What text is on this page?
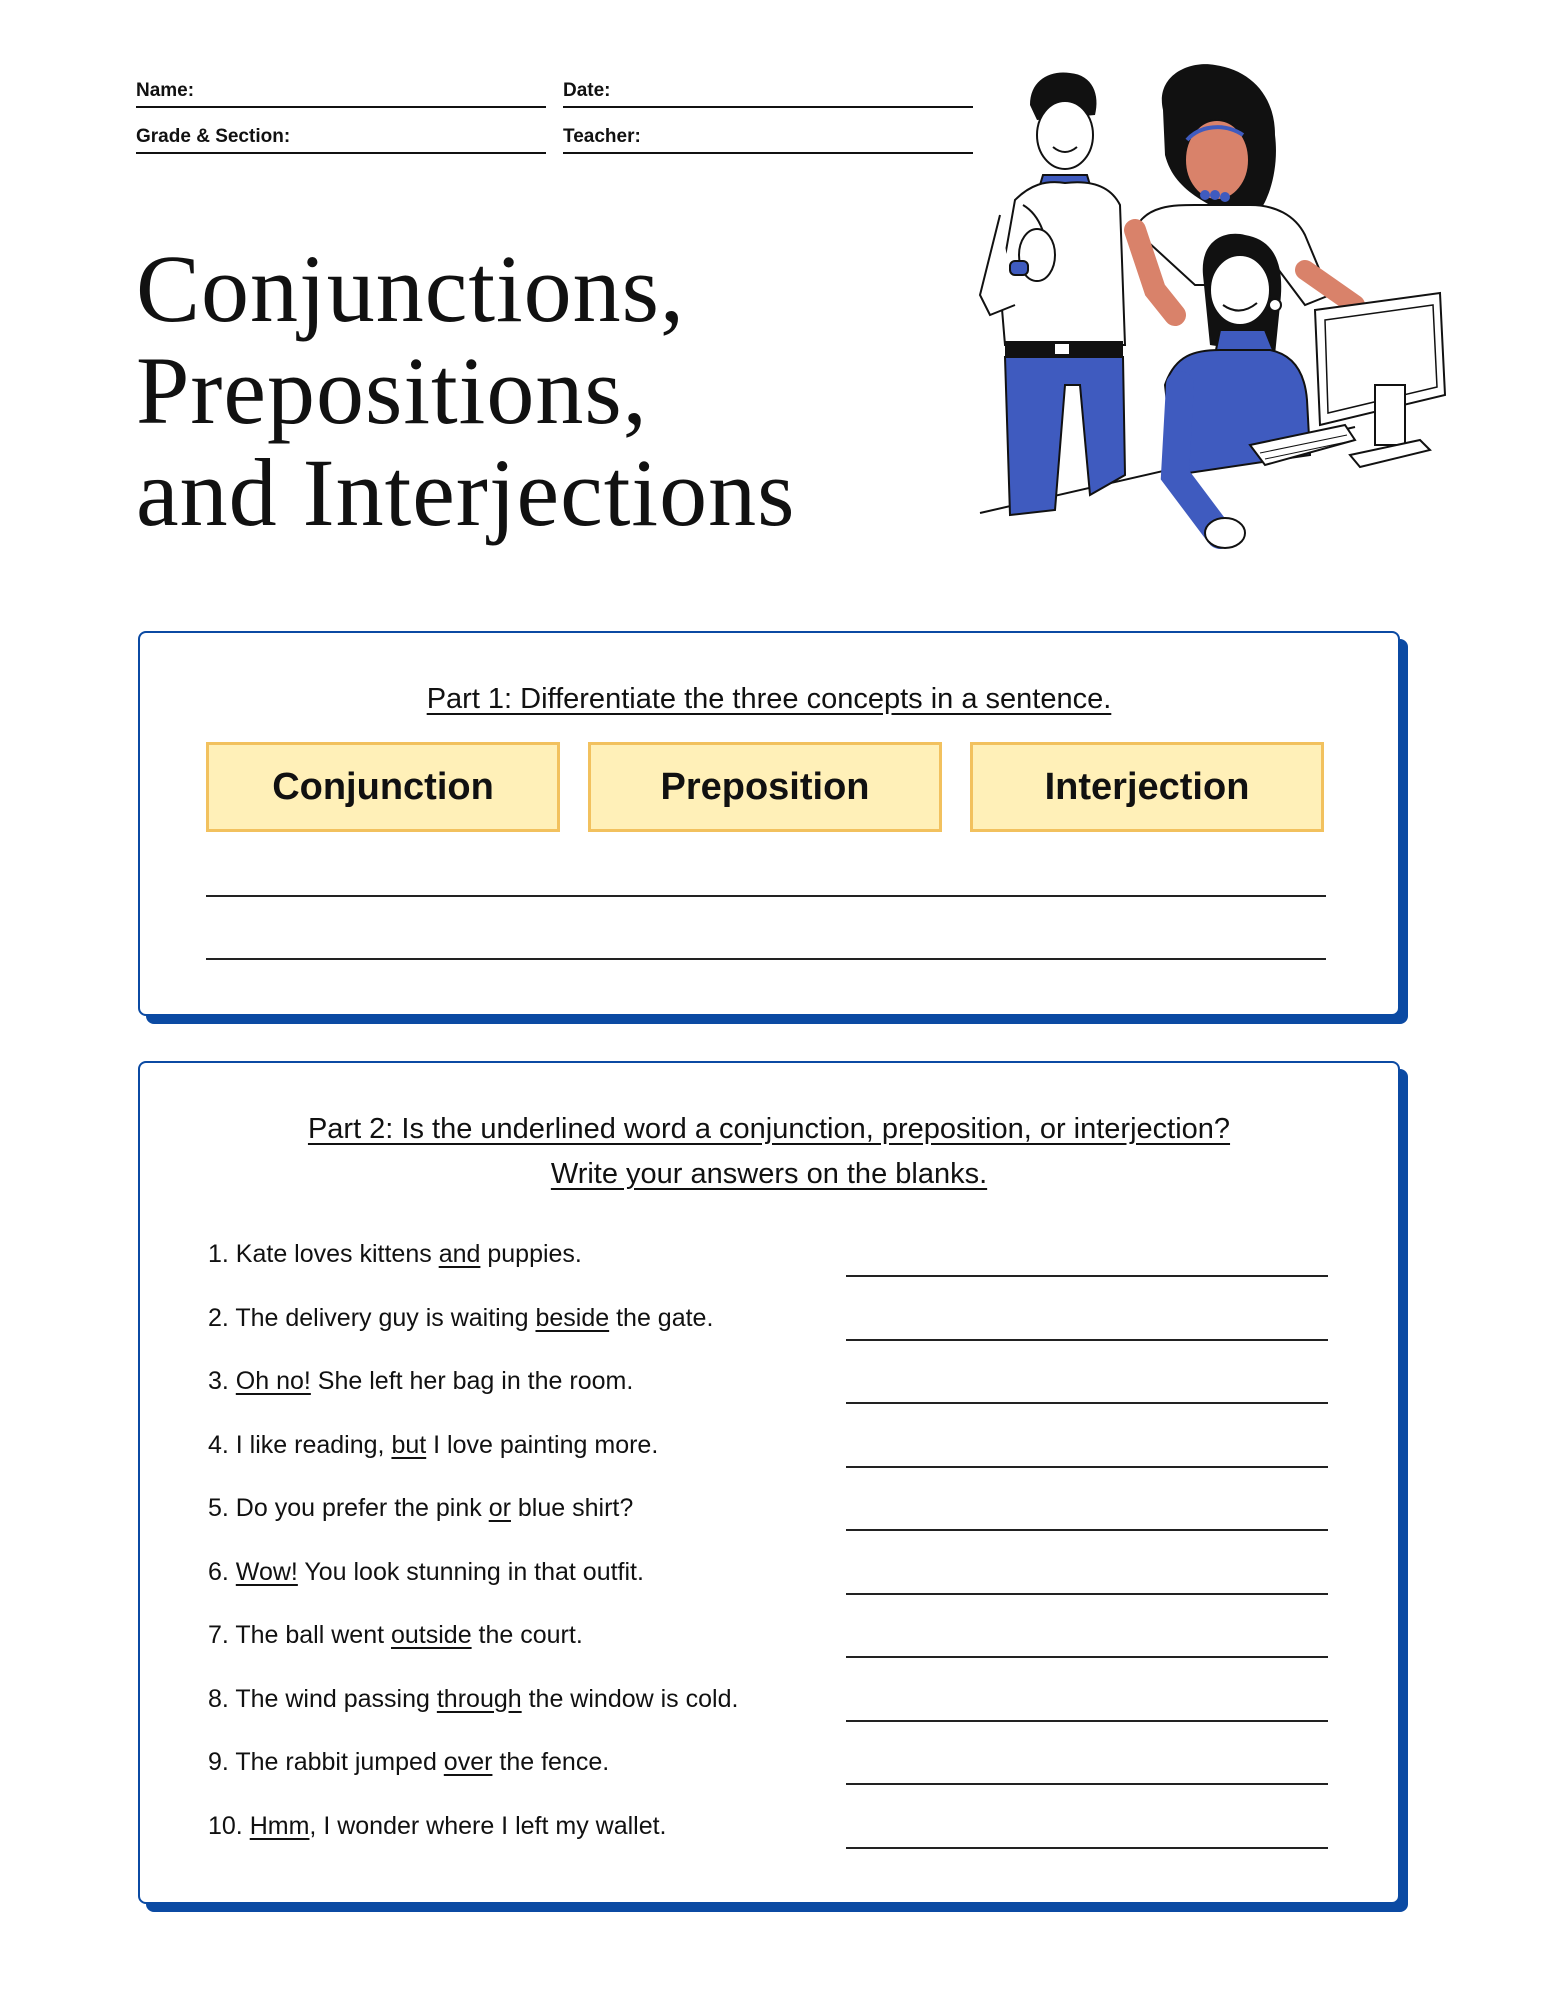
Name:	Date:
Grade & Section:	Teacher:
Conjunctions,
Prepositions,
and Interjections
Part 1: Differentiate the three concepts in a sentence.
Conjunction	Preposition	Interjection
Part 2: Is the underlined word a conjunction, preposition, or interjection?
Write your answers on the blanks.
1. Kate loves kittens and puppies.
2. The delivery guy is waiting beside the gate.
3. Oh no! She left her bag in the room.
4. I like reading, but I love painting more.
5. Do you prefer the pink or blue shirt?
6. Wow! You look stunning in that outfit.
7. The ball went outside the court.
8. The wind passing through the window is cold.
9. The rabbit jumped over the fence.
10. Hmm, I wonder where I left my wallet.
